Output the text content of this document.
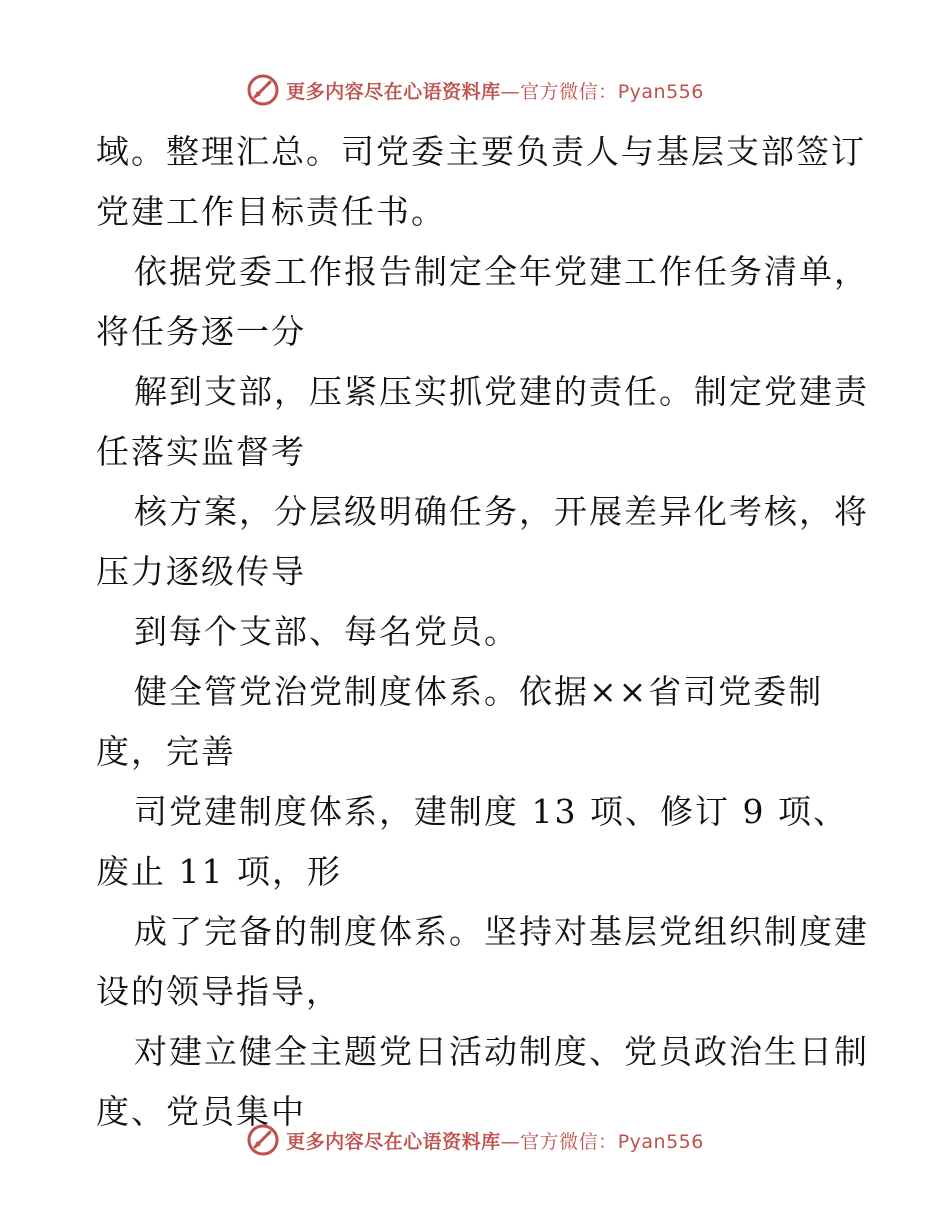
更多内容尽在心语资料库—官方微信：Pyan556
域。整理汇总。司党委主要负责人与基层支部签订
党建工作目标责任书。
依据党委工作报告制定全年党建工作任务清单，
将任务逐一分
解到支部，压紧压实抓党建的责任。制定党建责
任落实监督考
核方案，分层级明确任务，开展差异化考核，将
压力逐级传导
到每个支部、每名党员。
健全管党治党制度体系。依据××省司党委制
度，完善
司党建制度体系，建制度 13 项、修订 9 项、
废止 11 项，形
成了完备的制度体系。坚持对基层党组织制度建
设的领导指导，
对建立健全主题党日活动制度、党员政治生日制
度、党员集中
更多内容尽在心语资料库—官方微信：Pyan556
